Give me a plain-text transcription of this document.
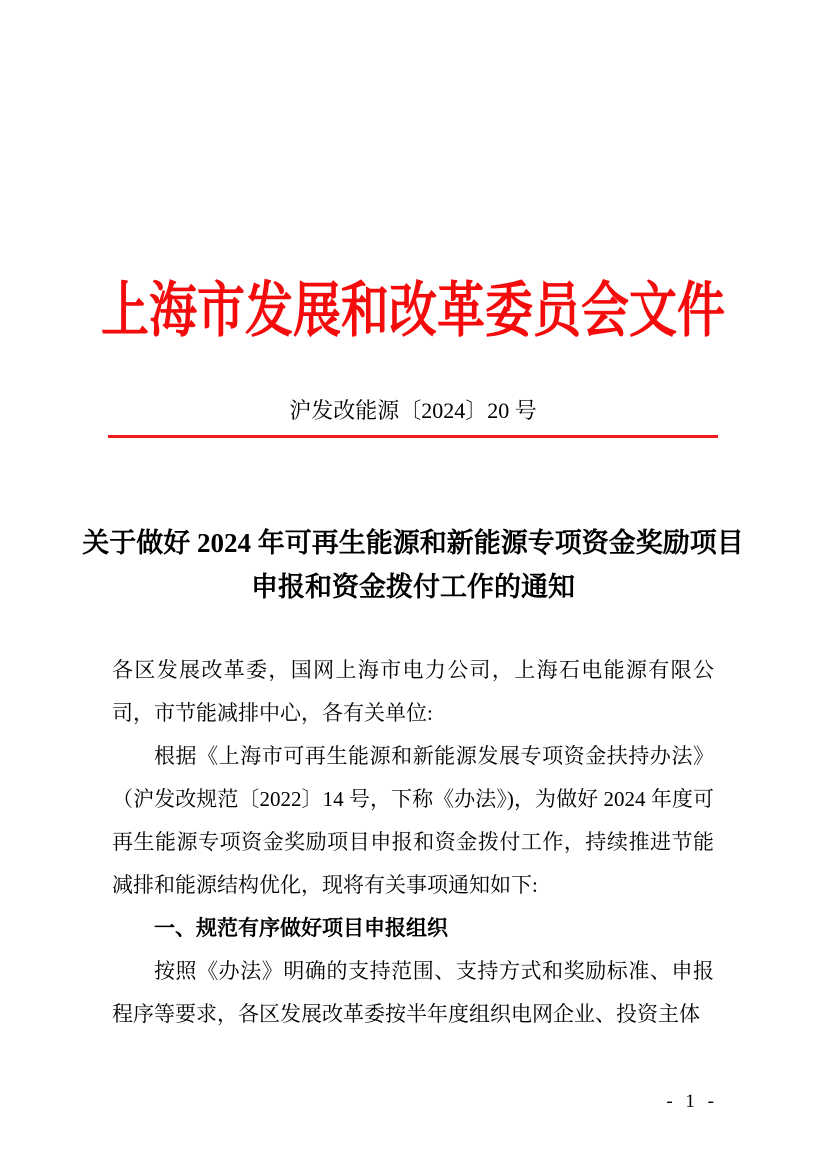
上海市发展和改革委员会文件
沪发改能源〔2024〕20 号
关于做好 2024 年可再生能源和新能源专项资金奖励项目
申报和资金拨付工作的通知

各区发展改革委，国网上海市电力公司，上海石电能源有限公司，市节能减排中心，各有关单位:

根据《上海市可再生能源和新能源发展专项资金扶持办法》（沪发改规范〔2022〕14 号，下称《办法》)，为做好 2024 年度可再生能源专项资金奖励项目申报和资金拨付工作，持续推进节能减排和能源结构优化，现将有关事项通知如下:

一、规范有序做好项目申报组织

按照《办法》明确的支持范围、支持方式和奖励标准、申报程序等要求，各区发展改革委按半年度组织电网企业、投资主体

- 1 -
